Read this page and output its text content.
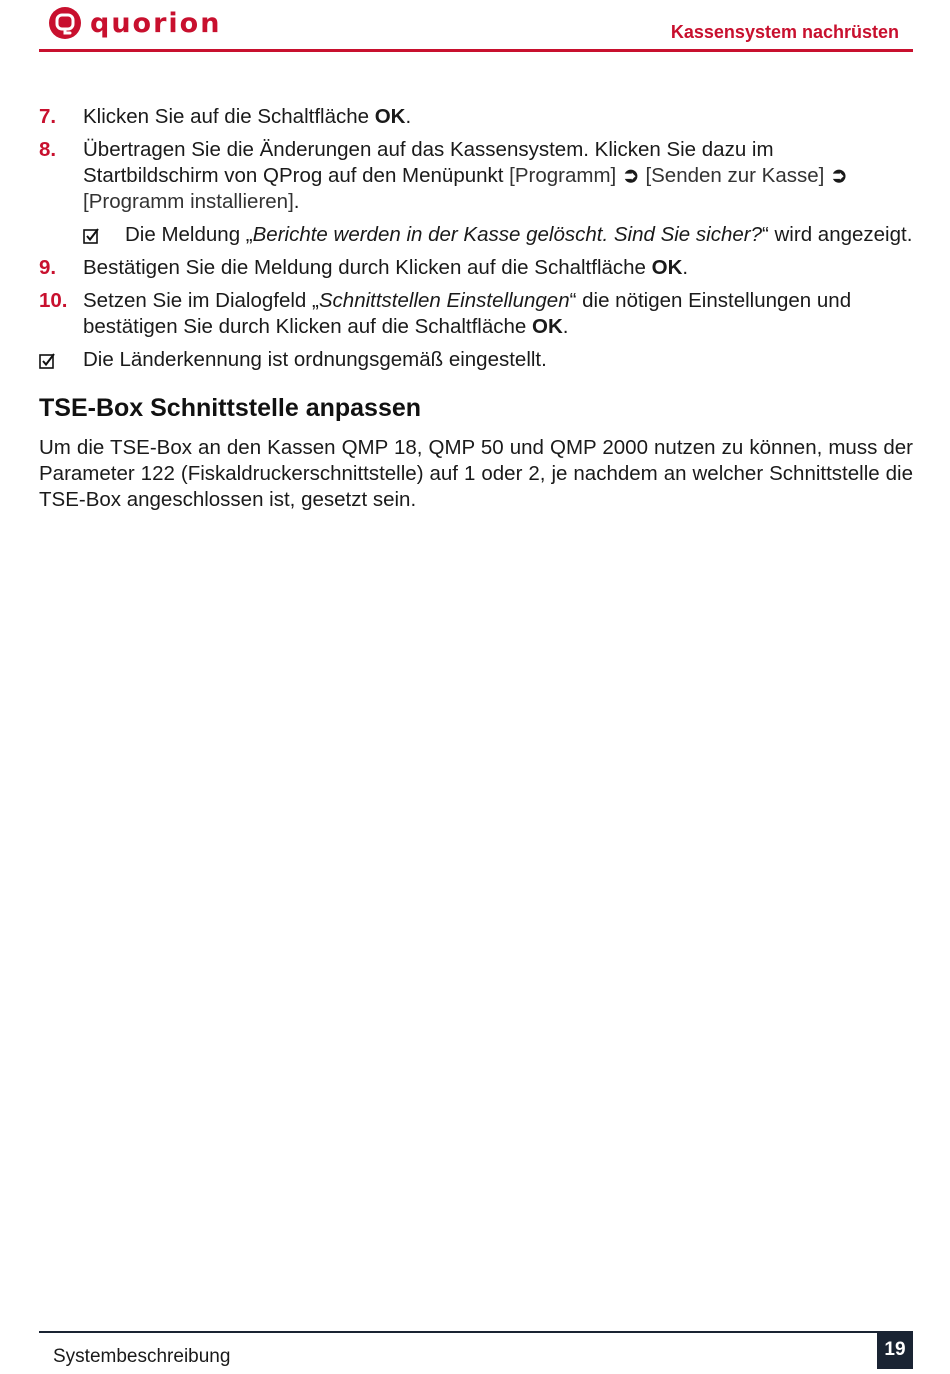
quorion	Kassensystem nachrüsten
7.	Klicken Sie auf die Schaltfläche OK.
8.	Übertragen Sie die Änderungen auf das Kassensystem. Klicken Sie dazu im Startbildschirm von QProg auf den Menüpunkt [Programm] ➲ [Senden zur Kasse] ➲[Programm installieren].
Die Meldung „Berichte werden in der Kasse gelöscht. Sind Sie sicher?“ wird angezeigt.
9.	Bestätigen Sie die Meldung durch Klicken auf die Schaltfläche OK.
10. Setzen Sie im Dialogfeld „Schnittstellen Einstellungen“ die nötigen Einstellungen und bestätigen Sie durch Klicken auf die Schaltfläche OK.
Die Länderkennung ist ordnungsgemäß eingestellt.
TSE-Box Schnittstelle anpassen
Um die TSE-Box an den Kassen QMP 18, QMP 50 und QMP 2000 nutzen zu können, muss der Parameter 122 (Fiskaldruckerschnittstelle) auf 1 oder 2, je nachdem an welcher Schnittstelle die TSE-Box angeschlossen ist, gesetzt sein.
Systembeschreibung	19
